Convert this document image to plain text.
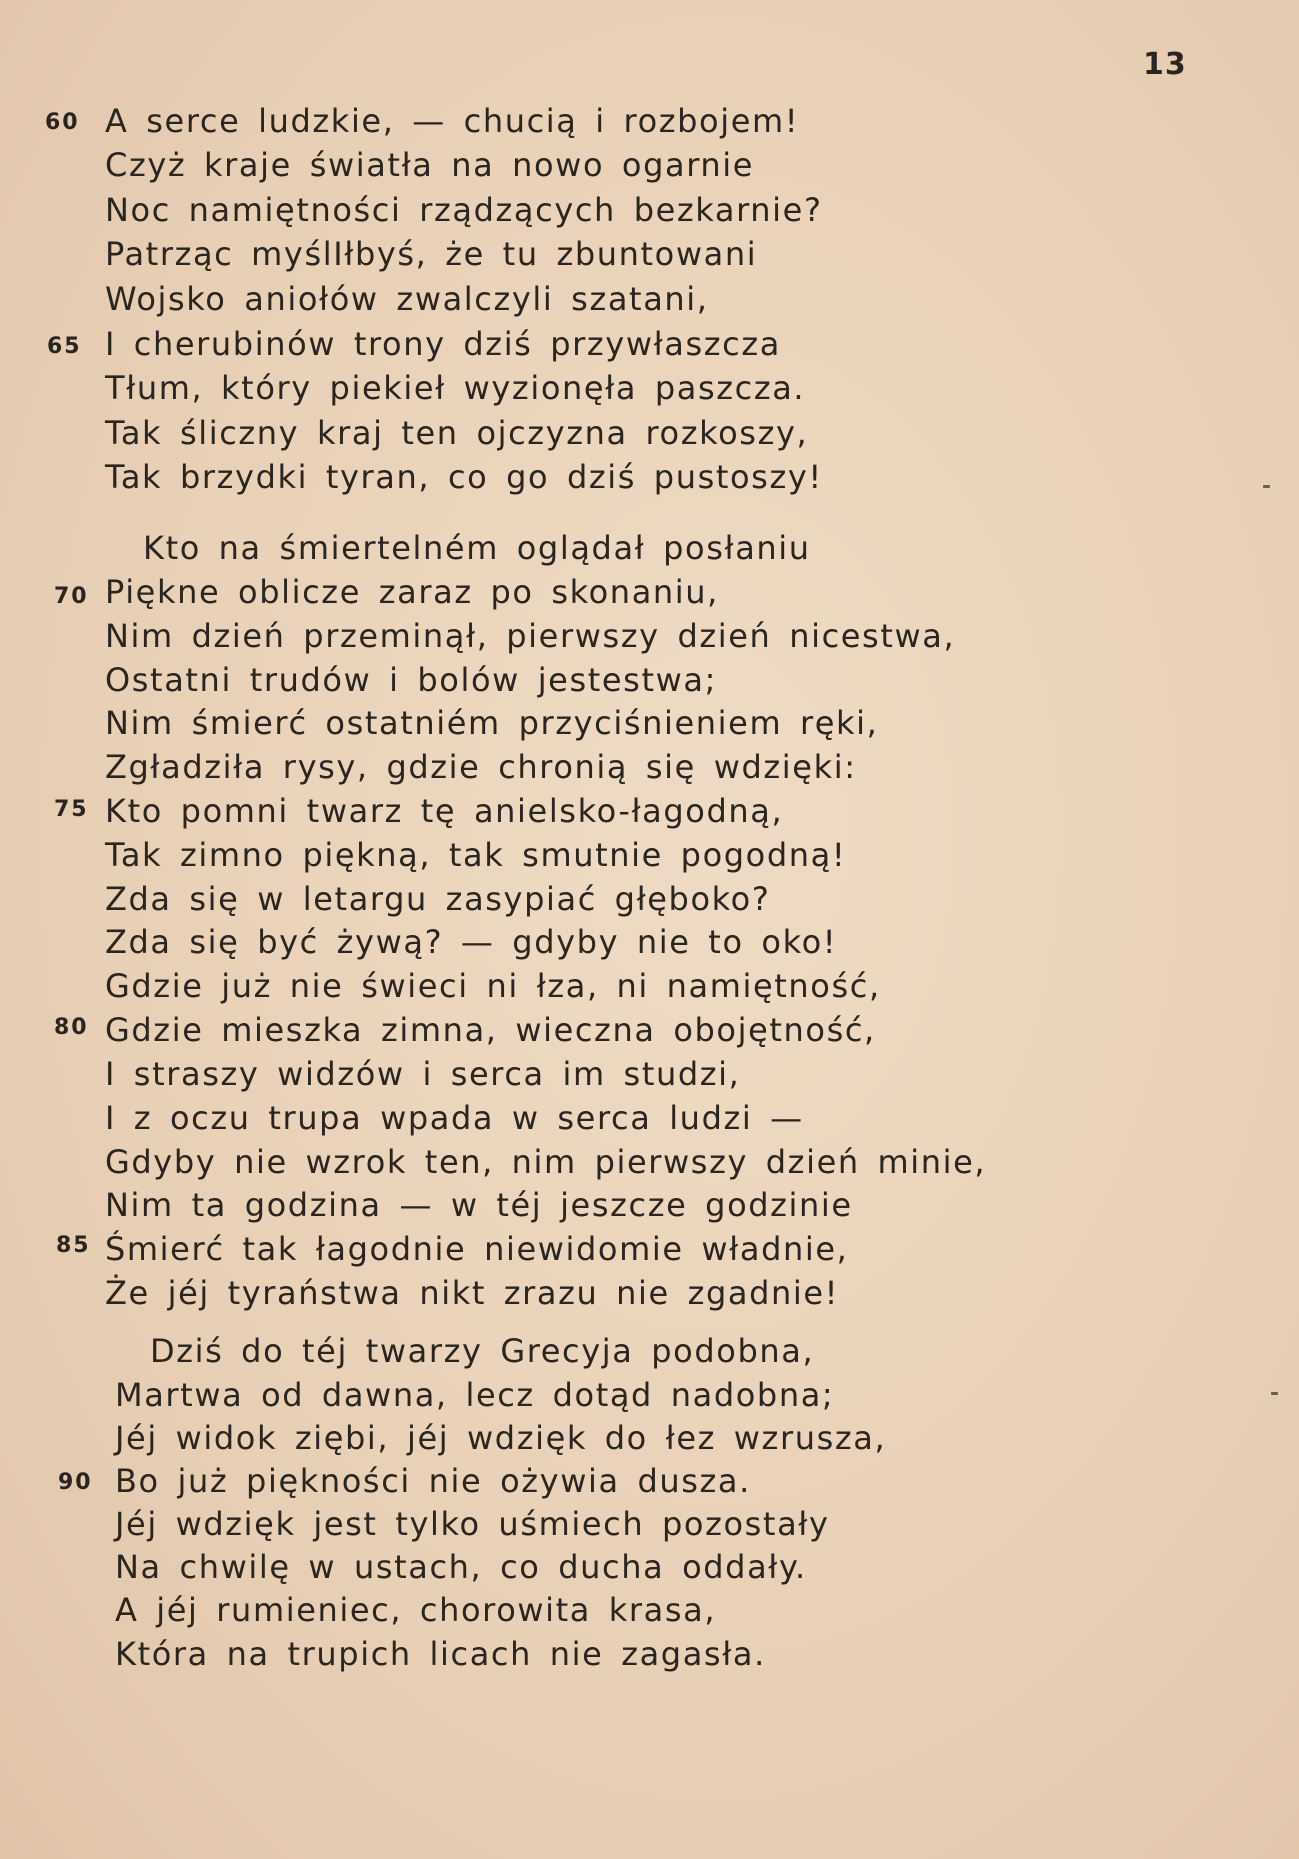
13
60
65
70
75
80
85
90
A serce ludzkie, — chucią i rozbojem!
Czyż kraje światła na nowo ogarnie
Noc namiętności rządzących bezkarnie?
Patrząc myślIłbyś, że tu zbuntowani
Wojsko aniołów zwalczyli szatani,
I cherubinów trony dziś przywłaszcza
Tłum, który piekieł wyzionęła paszcza.
Tak śliczny kraj ten ojczyzna rozkoszy,
Tak brzydki tyran, co go dziś pustoszy!
Kto na śmiertelném oglądał posłaniu
Piękne oblicze zaraz po skonaniu,
Nim dzień przeminął, pierwszy dzień nicestwa,
Ostatni trudów i bolów jestestwa;
Nim śmierć ostatniém przyciśnieniem ręki,
Zgładziła rysy, gdzie chronią się wdzięki:
Kto pomni twarz tę anielsko-łagodną,
Tak zimno piękną, tak smutnie pogodną!
Zda się w letargu zasypiać głęboko?
Zda się być żywą? — gdyby nie to oko!
Gdzie już nie świeci ni łza, ni namiętność,
Gdzie mieszka zimna, wieczna obojętność,
I straszy widzów i serca im studzi,
I z oczu trupa wpada w serca ludzi —
Gdyby nie wzrok ten, nim pierwszy dzień minie,
Nim ta godzina — w téj jeszcze godzinie
Śmierć tak łagodnie niewidomie władnie,
Że jéj tyraństwa nikt zrazu nie zgadnie!
Dziś do téj twarzy Grecyja podobna,
Martwa od dawna, lecz dotąd nadobna;
Jéj widok ziębi, jéj wdzięk do łez wzrusza,
Bo już piękności nie ożywia dusza.
Jéj wdzięk jest tylko uśmiech pozostały
Na chwilę w ustach, co ducha oddały.
A jéj rumieniec, chorowita krasa,
Która na trupich licach nie zagasła.
